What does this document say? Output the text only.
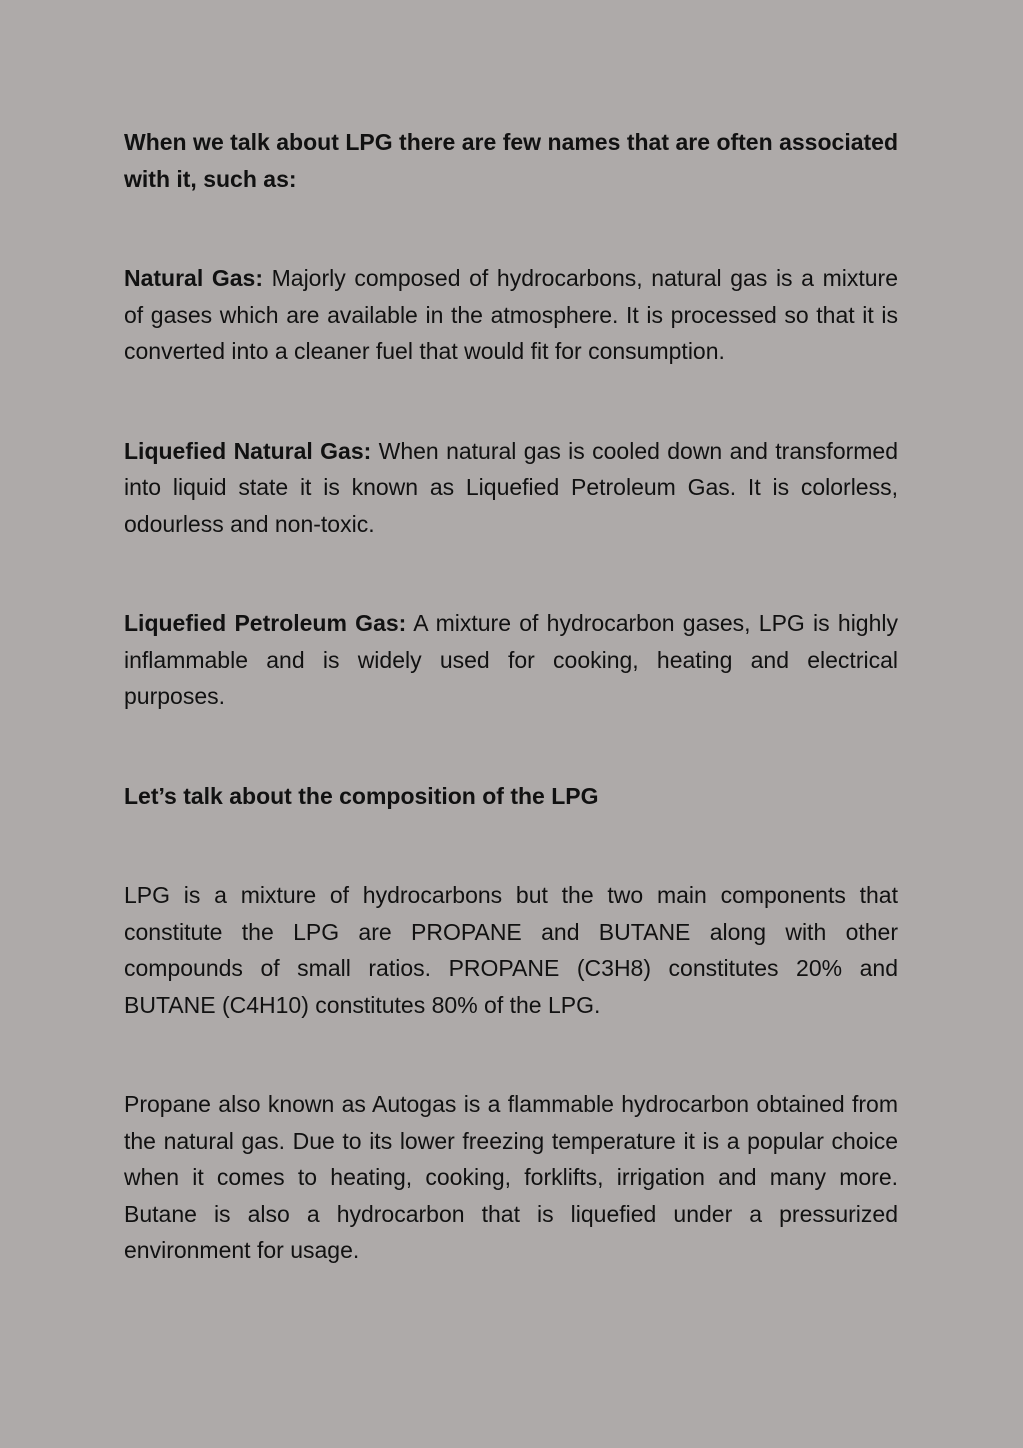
When we talk about LPG there are few names that are often associated with it, such as:

Natural Gas: Majorly composed of hydrocarbons, natural gas is a mixture of gases which are available in the atmosphere. It is processed so that it is converted into a cleaner fuel that would fit for consumption.

Liquefied Natural Gas: When natural gas is cooled down and transformed into liquid state it is known as Liquefied Petroleum Gas. It is colorless, odourless and non-toxic.

Liquefied Petroleum Gas: A mixture of hydrocarbon gases, LPG is highly inflammable and is widely used for cooking, heating and electrical purposes.

Let’s talk about the composition of the LPG

LPG is a mixture of hydrocarbons but the two main components that constitute the LPG are PROPANE and BUTANE along with other compounds of small ratios. PROPANE (C3H8) constitutes 20% and BUTANE (C4H10) constitutes 80% of the LPG.

Propane also known as Autogas is a flammable hydrocarbon obtained from the natural gas. Due to its lower freezing temperature it is a popular choice when it comes to heating, cooking, forklifts, irrigation and many more. Butane is also a hydrocarbon that is liquefied under a pressurized environment for usage.
